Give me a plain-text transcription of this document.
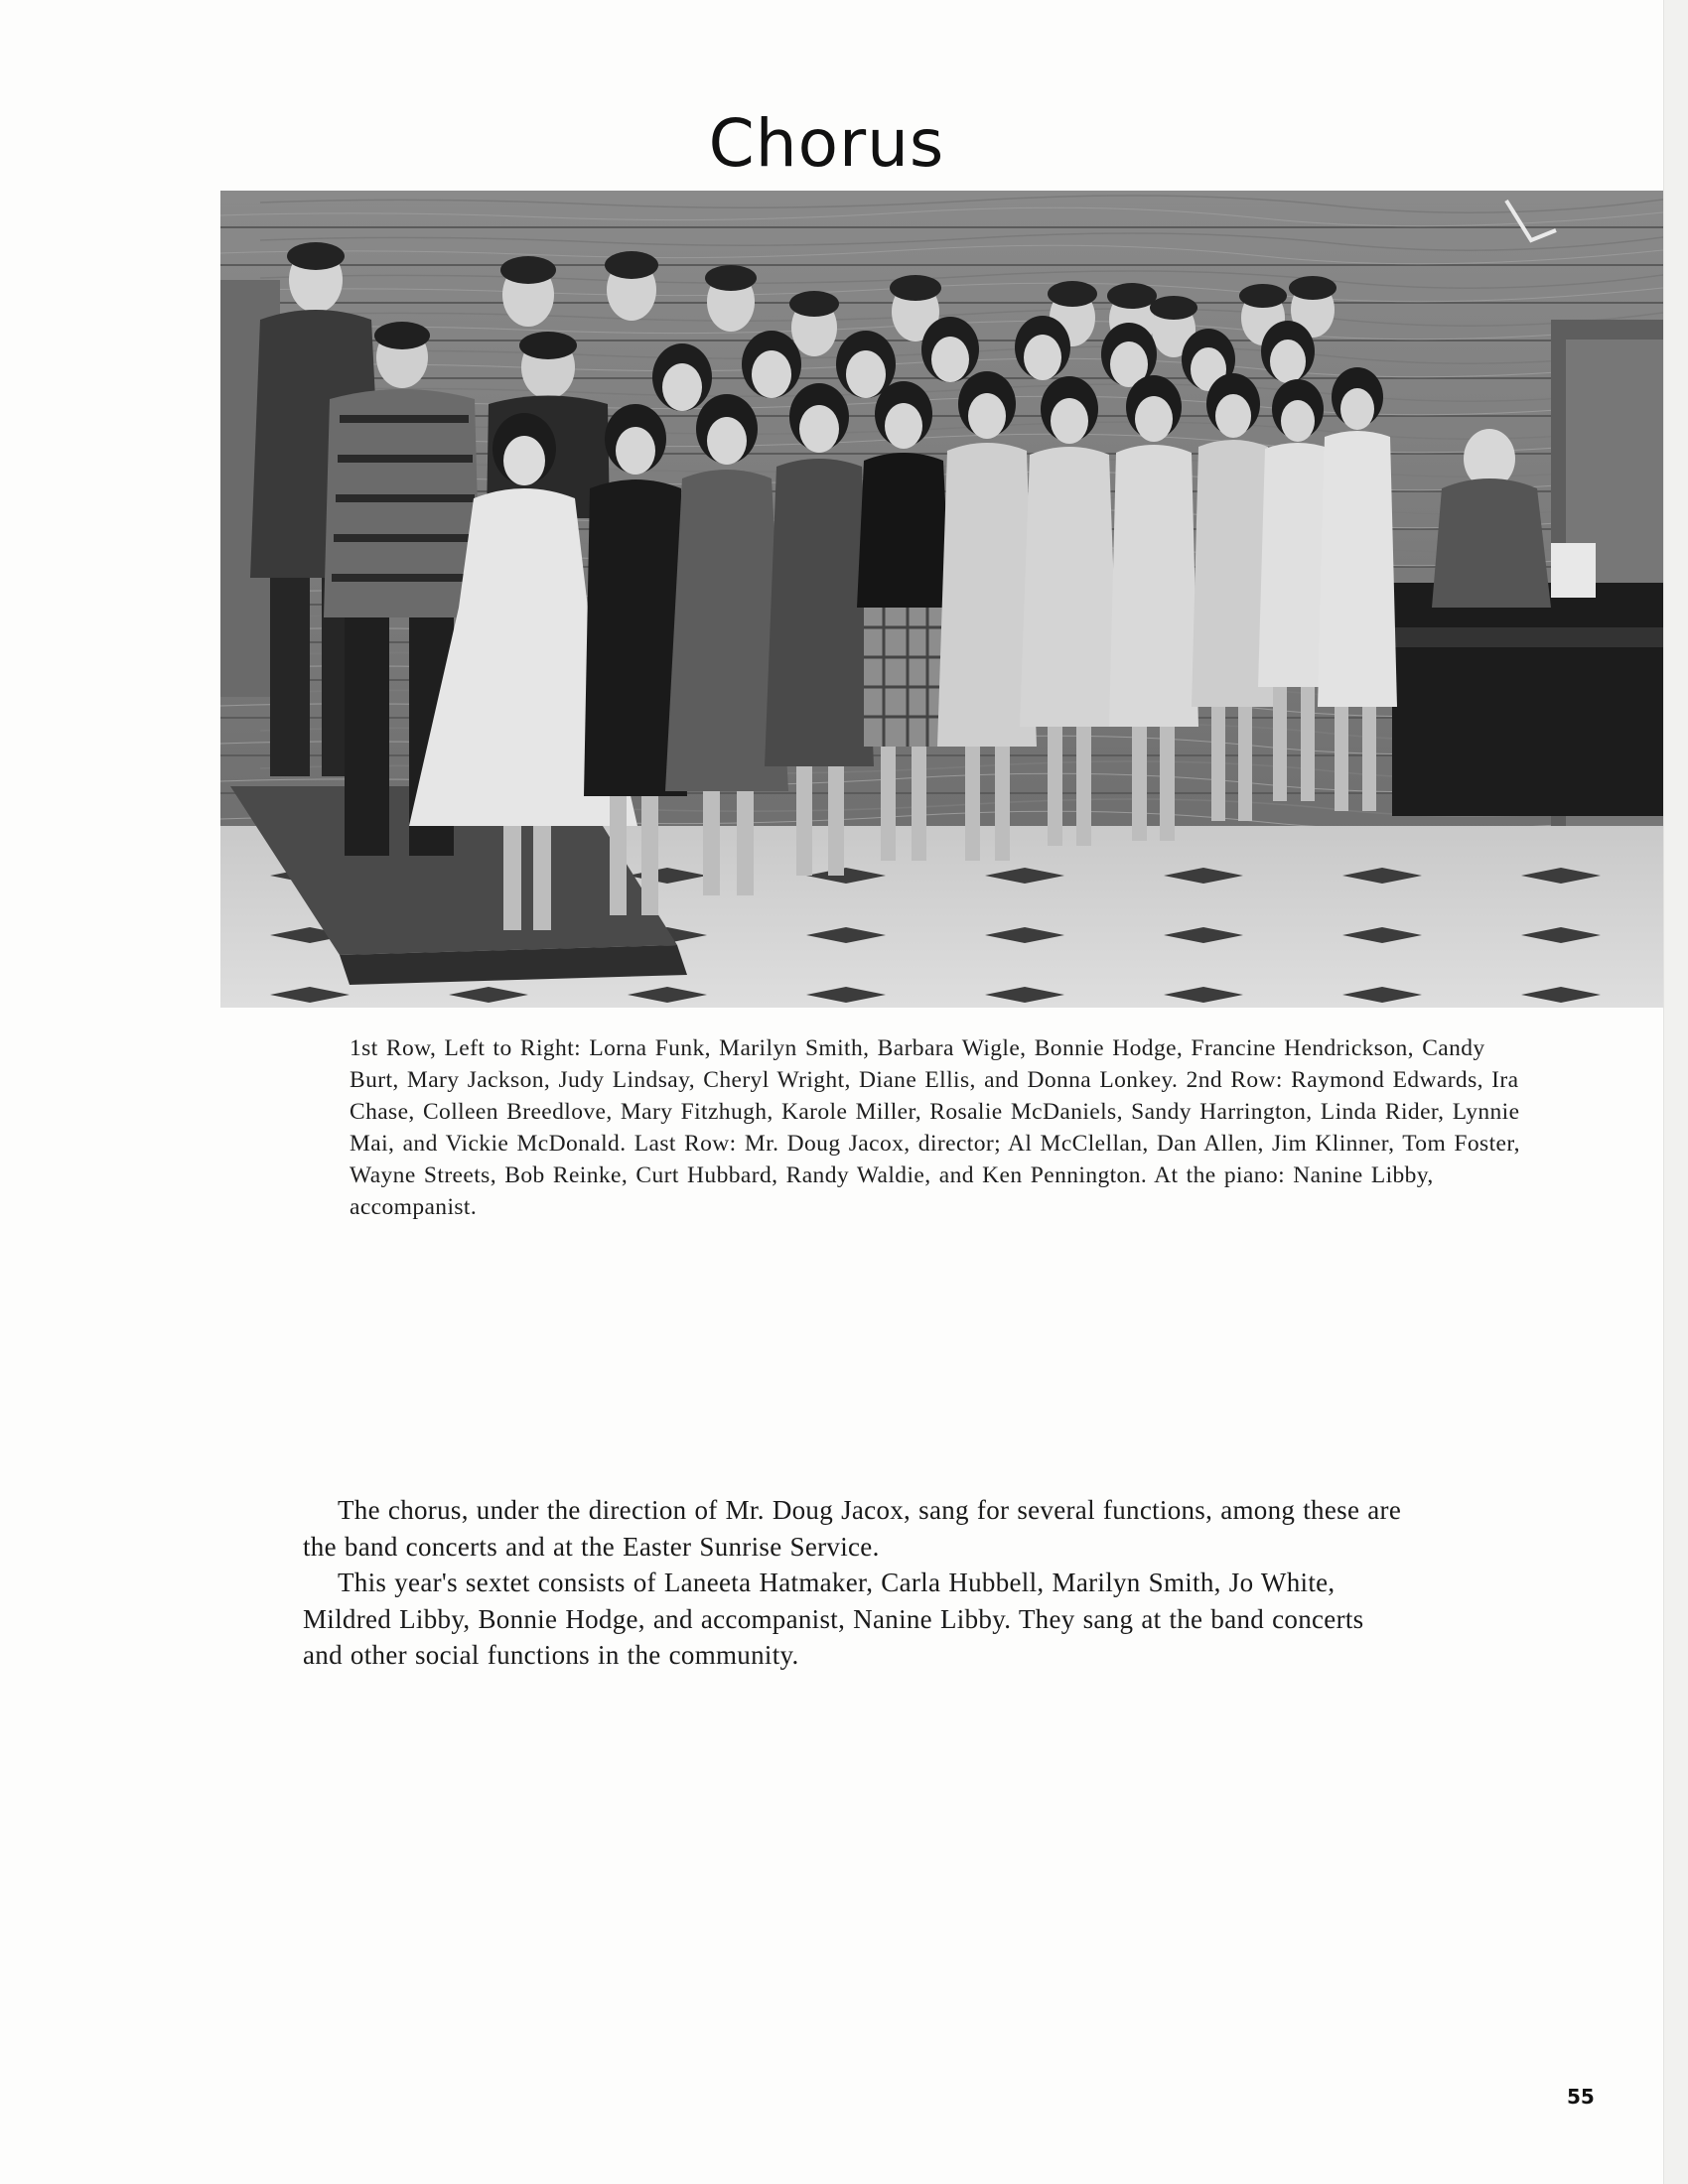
Chorus
1st Row, Left to Right: Lorna Funk, Marilyn Smith, Barbara Wigle, Bonnie Hodge, Francine Hendrickson, Candy Burt, Mary Jackson, Judy Lindsay, Cheryl Wright, Diane Ellis, and Donna Lonkey. 2nd Row: Raymond Edwards, Ira Chase, Colleen Breedlove, Mary Fitzhugh, Karole Miller, Rosalie McDaniels, Sandy Harrington, Linda Rider, Lynnie Mai, and Vickie McDonald. Last Row: Mr. Doug Jacox, director; Al McClellan, Dan Allen, Jim Klinner, Tom Foster, Wayne Streets, Bob Reinke, Curt Hubbard, Randy Waldie, and Ken Pennington. At the piano: Nanine Libby, accompanist.

The chorus, under the direction of Mr. Doug Jacox, sang for several functions, among these are the band concerts and at the Easter Sunrise Service.

This year's sextet consists of Laneeta Hatmaker, Carla Hubbell, Marilyn Smith, Jo White, Mildred Libby, Bonnie Hodge, and accompanist, Nanine Libby. They sang at the band concerts and other social functions in the community.

55
